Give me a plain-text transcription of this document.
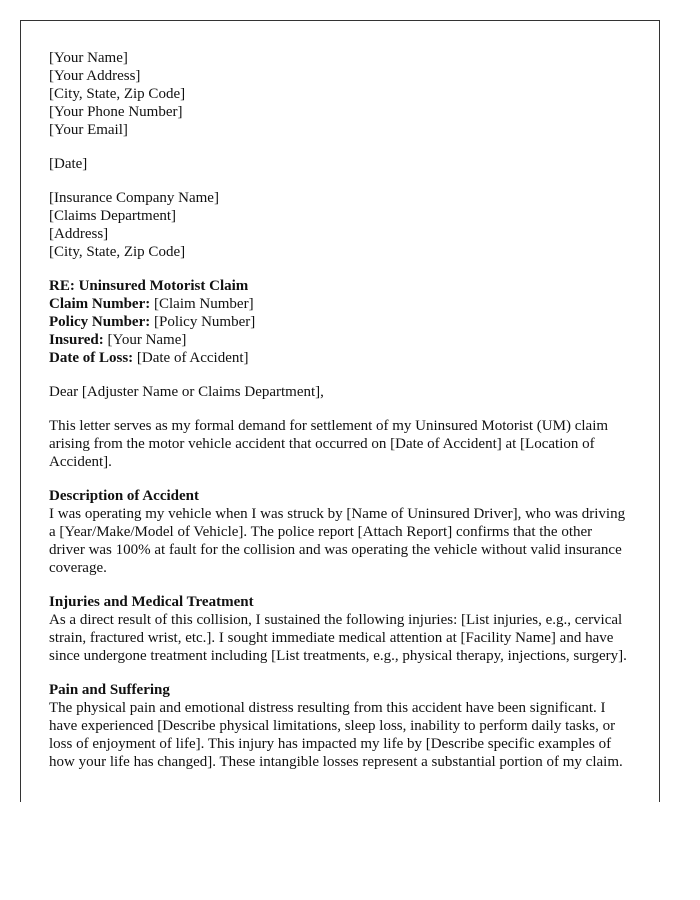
[Your Name]
[Your Address]
[City, State, Zip Code]
[Your Phone Number]
[Your Email]
[Date]
[Insurance Company Name]
[Claims Department]
[Address]
[City, State, Zip Code]
RE: Uninsured Motorist Claim
Claim Number: [Claim Number]
Policy Number: [Policy Number]
Insured: [Your Name]
Date of Loss: [Date of Accident]
Dear [Adjuster Name or Claims Department],
This letter serves as my formal demand for settlement of my Uninsured Motorist (UM) claim arising from the motor vehicle accident that occurred on [Date of Accident] at [Location of Accident].
Description of Accident
I was operating my vehicle when I was struck by [Name of Uninsured Driver], who was driving a [Year/Make/Model of Vehicle]. The police report [Attach Report] confirms that the other driver was 100% at fault for the collision and was operating the vehicle without valid insurance coverage.
Injuries and Medical Treatment
As a direct result of this collision, I sustained the following injuries: [List injuries, e.g., cervical strain, fractured wrist, etc.]. I sought immediate medical attention at [Facility Name] and have since undergone treatment including [List treatments, e.g., physical therapy, injections, surgery].
Pain and Suffering
The physical pain and emotional distress resulting from this accident have been significant. I have experienced [Describe physical limitations, sleep loss, inability to perform daily tasks, or loss of enjoyment of life]. This injury has impacted my life by [Describe specific examples of how your life has changed]. These intangible losses represent a substantial portion of my claim.
